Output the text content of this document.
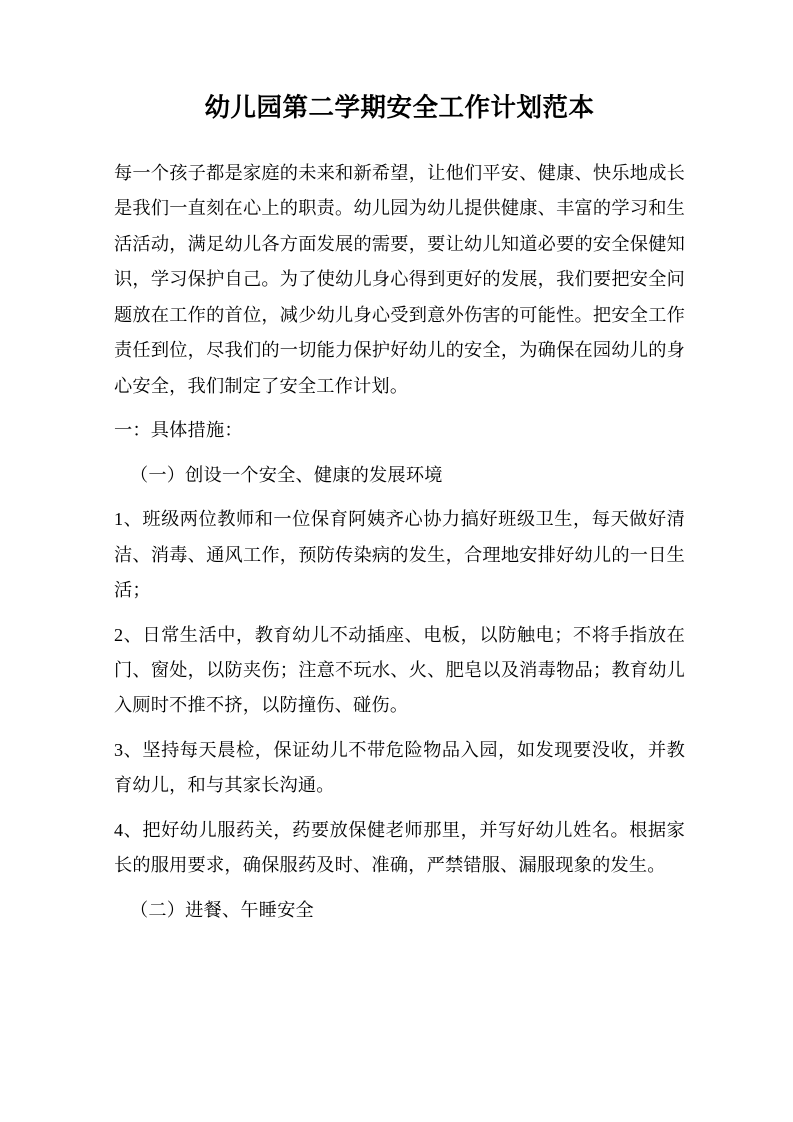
幼儿园第二学期安全工作计划范本

每一个孩子都是家庭的未来和新希望，让他们平安、健康、快乐地成长是我们一直刻在心上的职责。幼儿园为幼儿提供健康、丰富的学习和生活活动，满足幼儿各方面发展的需要，要让幼儿知道必要的安全保健知识，学习保护自己。为了使幼儿身心得到更好的发展，我们要把安全问题放在工作的首位，减少幼儿身心受到意外伤害的可能性。把安全工作责任到位，尽我们的一切能力保护好幼儿的安全，为确保在园幼儿的身心安全，我们制定了安全工作计划。

一：具体措施：

（一）创设一个安全、健康的发展环境

1、班级两位教师和一位保育阿姨齐心协力搞好班级卫生，每天做好清洁、消毒、通风工作，预防传染病的发生，合理地安排好幼儿的一日生活；

2、日常生活中，教育幼儿不动插座、电板，以防触电；不将手指放在门、窗处，以防夹伤；注意不玩水、火、肥皂以及消毒物品；教育幼儿入厕时不推不挤，以防撞伤、碰伤。

3、坚持每天晨检，保证幼儿不带危险物品入园，如发现要没收，并教育幼儿，和与其家长沟通。

4、把好幼儿服药关，药要放保健老师那里，并写好幼儿姓名。根据家长的服用要求，确保服药及时、准确，严禁错服、漏服现象的发生。

（二）进餐、午睡安全
